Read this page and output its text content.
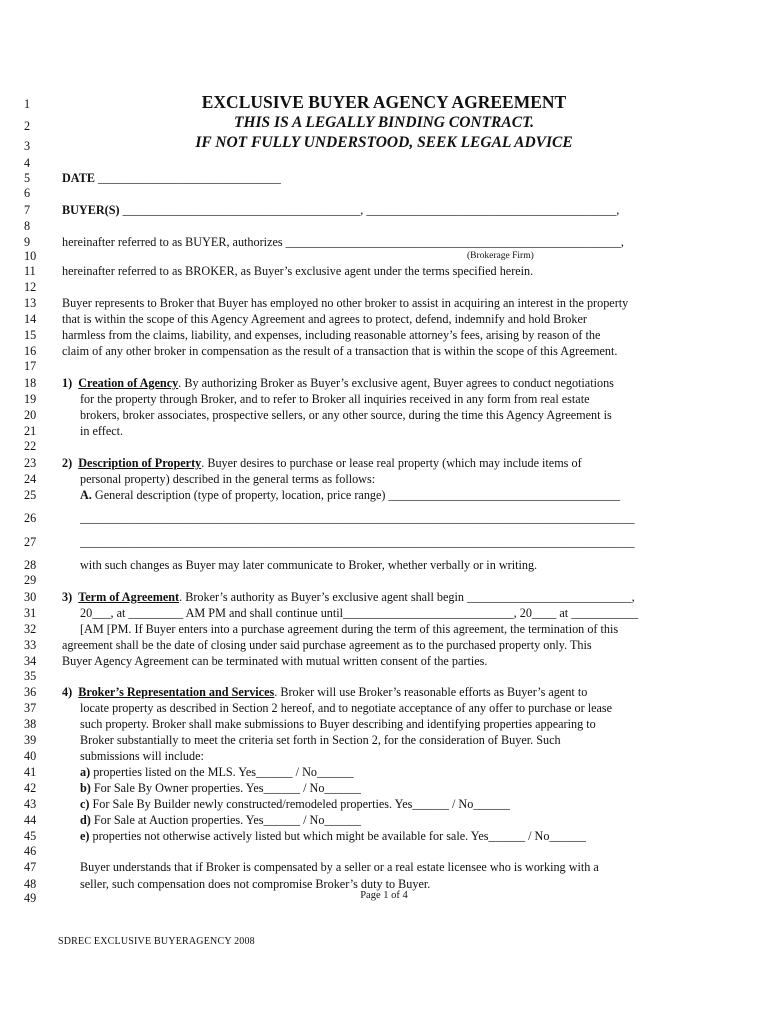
1
2
3
4
5
6
7
8
9
10
11
12
13
14
15
16
17
18
19
20
21
22
23
24
25
26
27
28
29
30
31
32
33
34
35
36
37
38
39
40
41
42
43
44
45
46
47
48
49
EXCLUSIVE BUYER AGENCY AGREEMENT
THIS IS A LEGALLY BINDING CONTRACT.
IF NOT FULLY UNDERSTOOD, SEEK LEGAL ADVICE
DATE ______________________________
BUYER(S) _______________________________________, _________________________________________,
hereinafter referred to as BUYER, authorizes _______________________________________________________,
(Brokerage Firm)
hereinafter referred to as BROKER, as Buyer’s exclusive agent under the terms specified herein.
Buyer represents to Broker that Buyer has employed no other broker to assist in acquiring an interest in the property
that is within the scope of this Agency Agreement and agrees to protect, defend, indemnify and hold Broker
harmless from the claims, liability, and expenses, including reasonable attorney’s fees, arising by reason of the
claim of any other broker in compensation as the result of a transaction that is within the scope of this Agreement.
1) Creation of Agency. By authorizing Broker as Buyer’s exclusive agent, Buyer agrees to conduct negotiations
for the property through Broker, and to refer to Broker all inquiries received in any form from real estate
brokers, broker associates, prospective sellers, or any other source, during the time this Agency Agreement is
in effect.
2) Description of Property. Buyer desires to purchase or lease real property (which may include items of
personal property) described in the general terms as follows:
A. General description (type of property, location, price range) ______________________________________
___________________________________________________________________________________________
___________________________________________________________________________________________
with such changes as Buyer may later communicate to Broker, whether verbally or in writing.
3) Term of Agreement. Broker’s authority as Buyer’s exclusive agent shall begin ___________________________,
20___, at _________ AM PM and shall continue until____________________________, 20____ at ___________
[AM [PM. If Buyer enters into a purchase agreement during the term of this agreement, the termination of this
agreement shall be the date of closing under said purchase agreement as to the purchased property only. This
Buyer Agency Agreement can be terminated with mutual written consent of the parties.
4) Broker’s Representation and Services. Broker will use Broker’s reasonable efforts as Buyer’s agent to
locate property as described in Section 2 hereof, and to negotiate acceptance of any offer to purchase or lease
such property. Broker shall make submissions to Buyer describing and identifying properties appearing to
Broker substantially to meet the criteria set forth in Section 2, for the consideration of Buyer. Such
submissions will include:
a) properties listed on the MLS. Yes______ / No______
b) For Sale By Owner properties. Yes______ / No______
c) For Sale By Builder newly constructed/remodeled properties. Yes______ / No______
d) For Sale at Auction properties. Yes______ / No______
e) properties not otherwise actively listed but which might be available for sale. Yes______ / No______
Buyer understands that if Broker is compensated by a seller or a real estate licensee who is working with a
seller, such compensation does not compromise Broker’s duty to Buyer.
Page 1 of 4
SDREC EXCLUSIVE BUYERAGENCY 2008
